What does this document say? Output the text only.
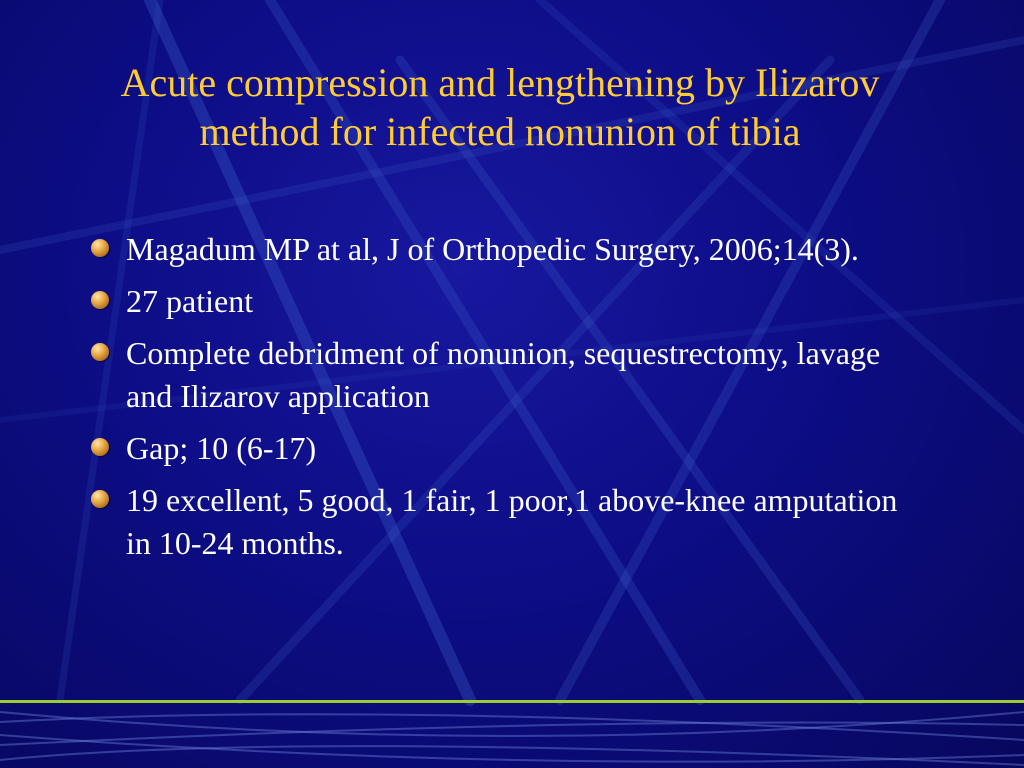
Acute compression and lengthening by Ilizarov method for infected nonunion of tibia
Magadum MP at al, J of Orthopedic Surgery, 2006;14(3).
27 patient
Complete debridment of nonunion, sequestrectomy, lavage and Ilizarov application
Gap; 10 (6-17)
19 excellent, 5 good, 1 fair, 1 poor,1 above-knee amputation in 10-24 months.
